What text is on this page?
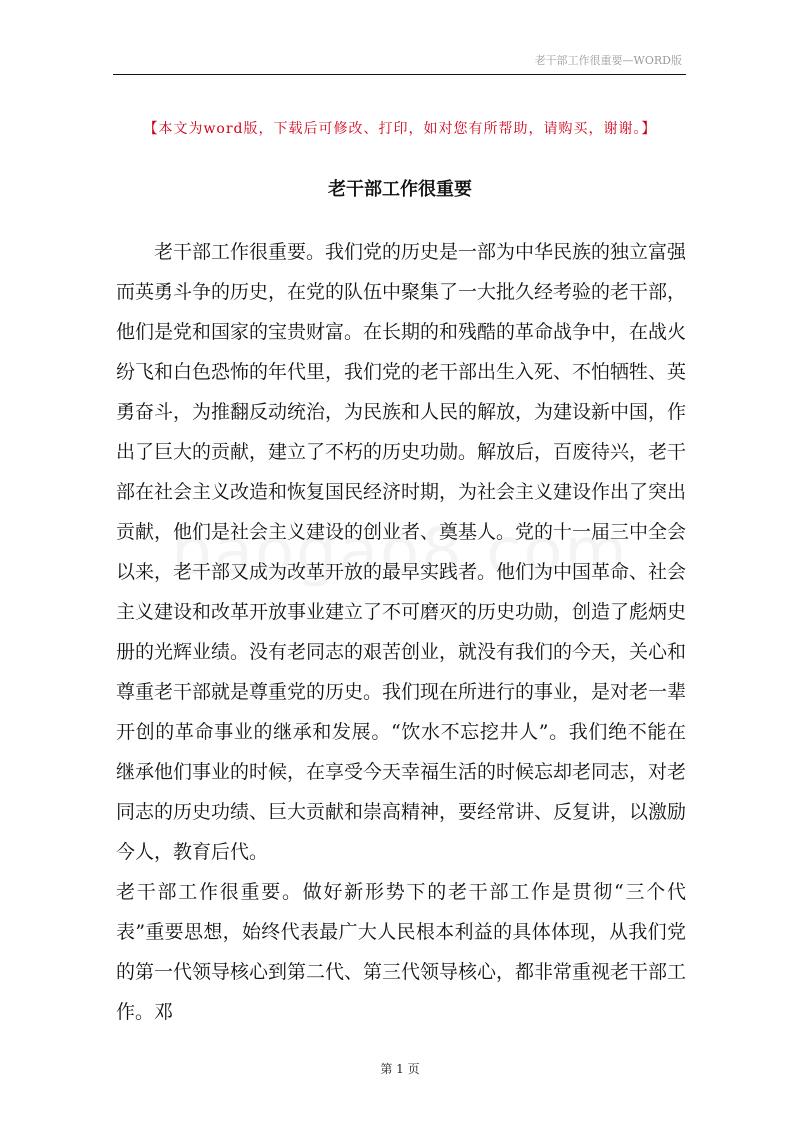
老干部工作很重要—WORD版
【本文为word版，下载后可修改、打印，如对您有所帮助，请购买，谢谢。】
老干部工作很重要

老干部工作很重要。我们党的历史是一部为中华民族的独立富强而英勇斗争的历史，在党的队伍中聚集了一大批久经考验的老干部，他们是党和国家的宝贵财富。在长期的和残酷的革命战争中，在战火纷飞和白色恐怖的年代里，我们党的老干部出生入死、不怕牺牲、英勇奋斗，为推翻反动统治，为民族和人民的解放，为建设新中国，作出了巨大的贡献，建立了不朽的历史功勋。解放后，百废待兴，老干部在社会主义改造和恢复国民经济时期，为社会主义建设作出了突出贡献，他们是社会主义建设的创业者、奠基人。党的十一届三中全会以来，老干部又成为改革开放的最早实践者。他们为中国革命、社会主义建设和改革开放事业建立了不可磨灭的历史功勋，创造了彪炳史册的光辉业绩。没有老同志的艰苦创业，就没有我们的今天，关心和尊重老干部就是尊重党的历史。我们现在所进行的事业，是对老一辈开创的革命事业的继承和发展。“饮水不忘挖井人”。我们绝不能在继承他们事业的时候，在享受今天幸福生活的时候忘却老同志，对老同志的历史功绩、巨大贡献和崇高精神，要经常讲、反复讲，以激励今人，教育后代。

老干部工作很重要。做好新形势下的老干部工作是贯彻“三个代表”重要思想，始终代表最广大人民根本利益的具体体现，从我们党的第一代领导核心到第二代、第三代领导核心，都非常重视老干部工作。邓

第 1 页
